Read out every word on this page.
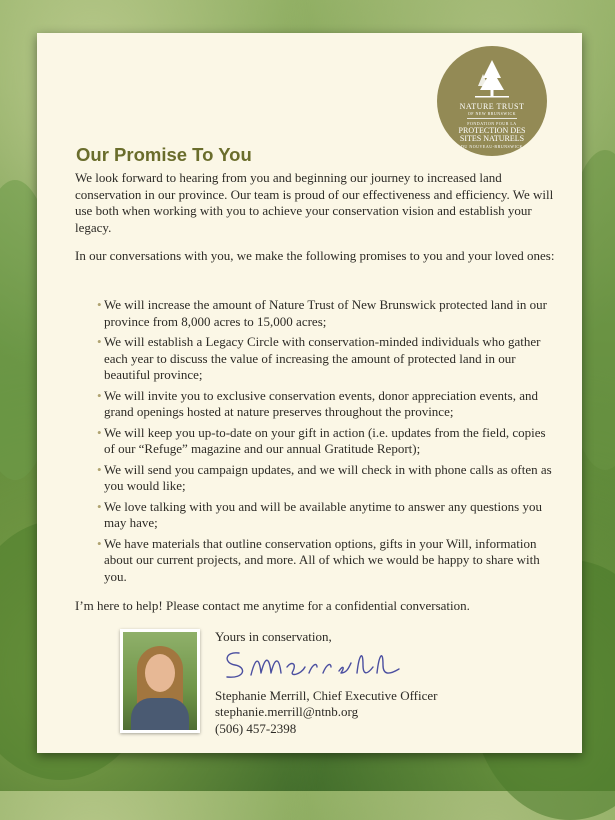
NATURE TRUST
OF NEW BRUNSWICK
FONDATION POUR LA
PROTECTION DES
SITES NATURELS
DU NOUVEAU-BRUNSWICK
Our Promise To You

We look forward to hearing from you and beginning our journey to increased land conservation in our province. Our team is proud of our effectiveness and efficiency. We will use both when working with you to achieve your conservation vision and establish your legacy.

In our conversations with you, we make the following promises to you and your loved ones:

• We will increase the amount of Nature Trust of New Brunswick protected land in our province from 8,000 acres to 15,000 acres;
• We will establish a Legacy Circle with conservation-minded individuals who gather each year to discuss the value of increasing the amount of protected land in our beautiful province;
• We will invite you to exclusive conservation events, donor appreciation events, and grand openings hosted at nature preserves throughout the province;
• We will keep you up-to-date on your gift in action (i.e. updates from the field, copies of our “Refuge” magazine and our annual Gratitude Report);
• We will send you campaign updates, and we will check in with phone calls as often as you would like;
• We love talking with you and will be available anytime to answer any questions you may have;
• We have materials that outline conservation options, gifts in your Will, information about our current projects, and more. All of which we would be happy to share with you.

I’m here to help! Please contact me anytime for a confidential conversation.

Yours in conservation,
Stephanie Merrill, Chief Executive Officer
stephanie.merrill@ntnb.org
(506) 457-2398
